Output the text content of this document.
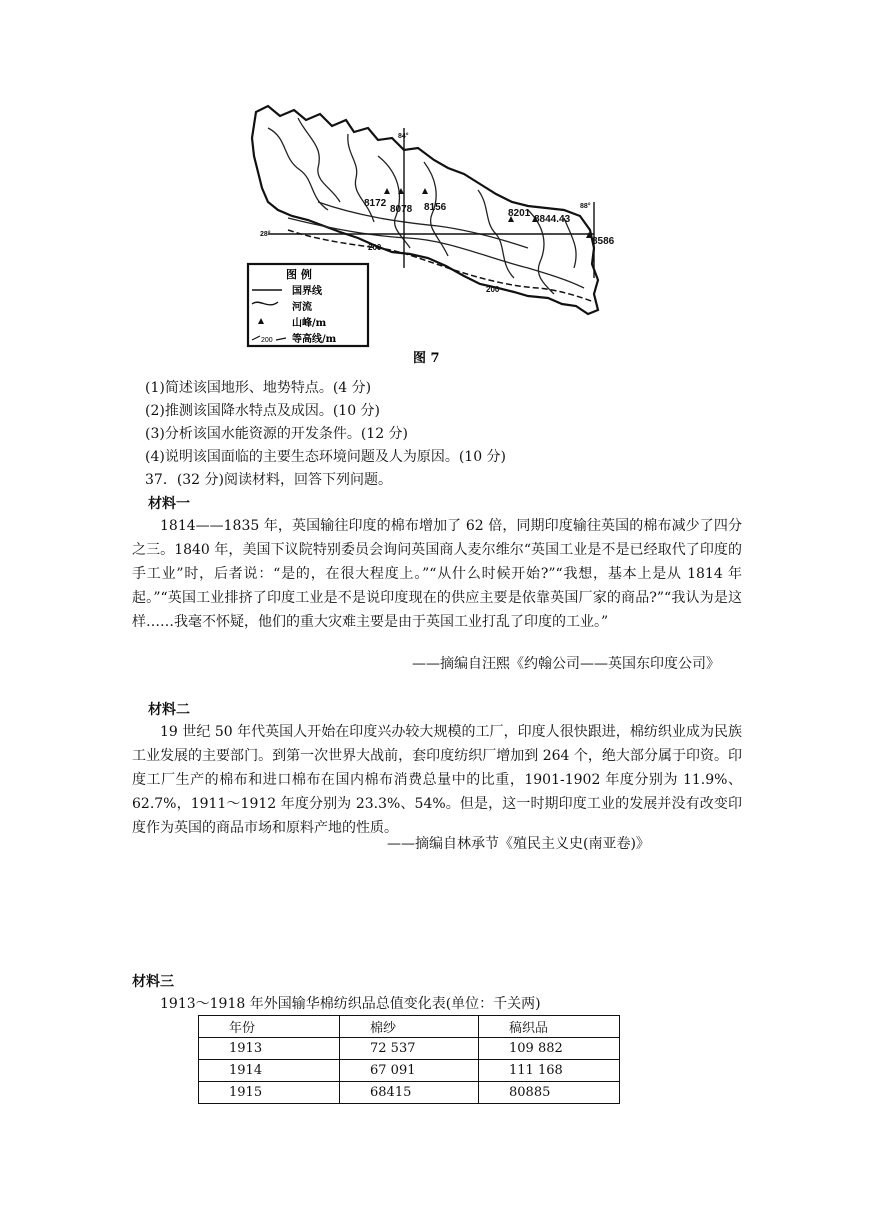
84°
88°
28°
8172
8078 8156
8201
8844.43
8586
200
200
图 例
国界线
河流
山峰/m
200 等高线/m
图 7
(1)简述该国地形、地势特点。(4 分)
(2)推测该国降水特点及成因。(10 分)
(3)分析该国水能资源的开发条件。(12 分)
(4)说明该国面临的主要生态环境问题及人为原因。(10 分)
37．(32 分)阅读材料，回答下列问题。
材料一

1814——1835 年，英国输往印度的棉布增加了 62 倍，同期印度输往英国的棉布减少了四分之三。1840 年，美国下议院特别委员会询问英国商人麦尔维尔“英国工业是不是已经取代了印度的手工业”时，后者说：“是的，在很大程度上。”“从什么时候开始?”“我想，基本上是从 1814 年起。”“英国工业排挤了印度工业是不是说印度现在的供应主要是依靠英国厂家的商品?”“我认为是这样……我毫不怀疑，他们的重大灾难主要是由于英国工业打乱了印度的工业。”

——摘编自汪熙《约翰公司——英国东印度公司》
材料二

19 世纪 50 年代英国人开始在印度兴办较大规模的工厂，印度人很快跟进，棉纺织业成为民族工业发展的主要部门。到第一次世界大战前，套印度纺织厂增加到 264 个，绝大部分属于印资。印度工厂生产的棉布和进口棉布在国内棉布消费总量中的比重，1901-1902 年度分别为 11.9%、62.7%，1911～1912 年度分别为 23.3%、54%。但是，这一时期印度工业的发展并没有改变印度作为英国的商品市场和原料产地的性质。

——摘编自林承节《殖民主义史(南亚卷)》
材料三
1913～1918 年外国输华棉纺织品总值变化表(单位：千关两)
年份	棉纱	稿织品
1913	72 537	109 882
1914	67 091	111 168
1915	68415	80885
